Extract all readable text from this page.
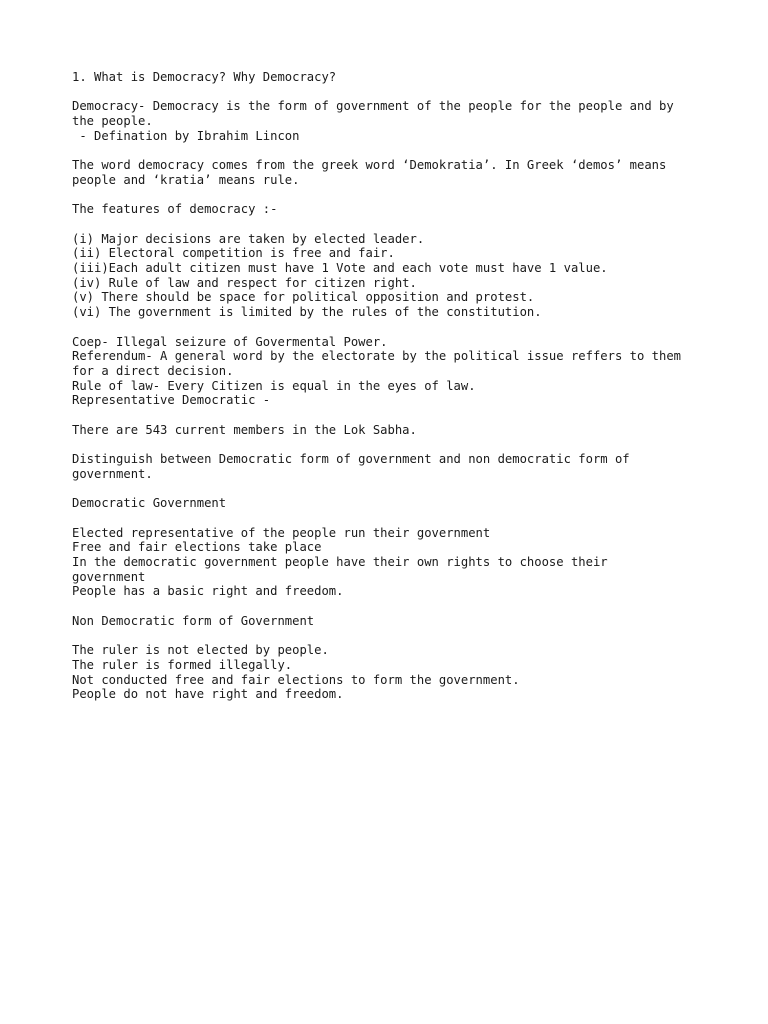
1. What is Democracy? Why Democracy?
Democracy- Democracy is the form of government of the people for the people and by
the people.
- Defination by Ibrahim Lincon
The word democracy comes from the greek word ‘Demokratia’. In Greek ‘demos’ means
people and ‘kratia’ means rule.
The features of democracy :-
(i) Major decisions are taken by elected leader.
(ii) Electoral competition is free and fair.
(iii)Each adult citizen must have 1 Vote and each vote must have 1 value.
(iv) Rule of law and respect for citizen right.
(v) There should be space for political opposition and protest.
(vi) The government is limited by the rules of the constitution.
Coep- Illegal seizure of Govermental Power.
Referendum- A general word by the electorate by the political issue reffers to them
for a direct decision.
Rule of law- Every Citizen is equal in the eyes of law.
Representative Democratic -
There are 543 current members in the Lok Sabha.
Distinguish between Democratic form of government and non democratic form of
government.
Democratic Government
Elected representative of the people run their government
Free and fair elections take place
In the democratic government people have their own rights to choose their
government
People has a basic right and freedom.
Non Democratic form of Government
The ruler is not elected by people.
The ruler is formed illegally.
Not conducted free and fair elections to form the government.
People do not have right and freedom.
